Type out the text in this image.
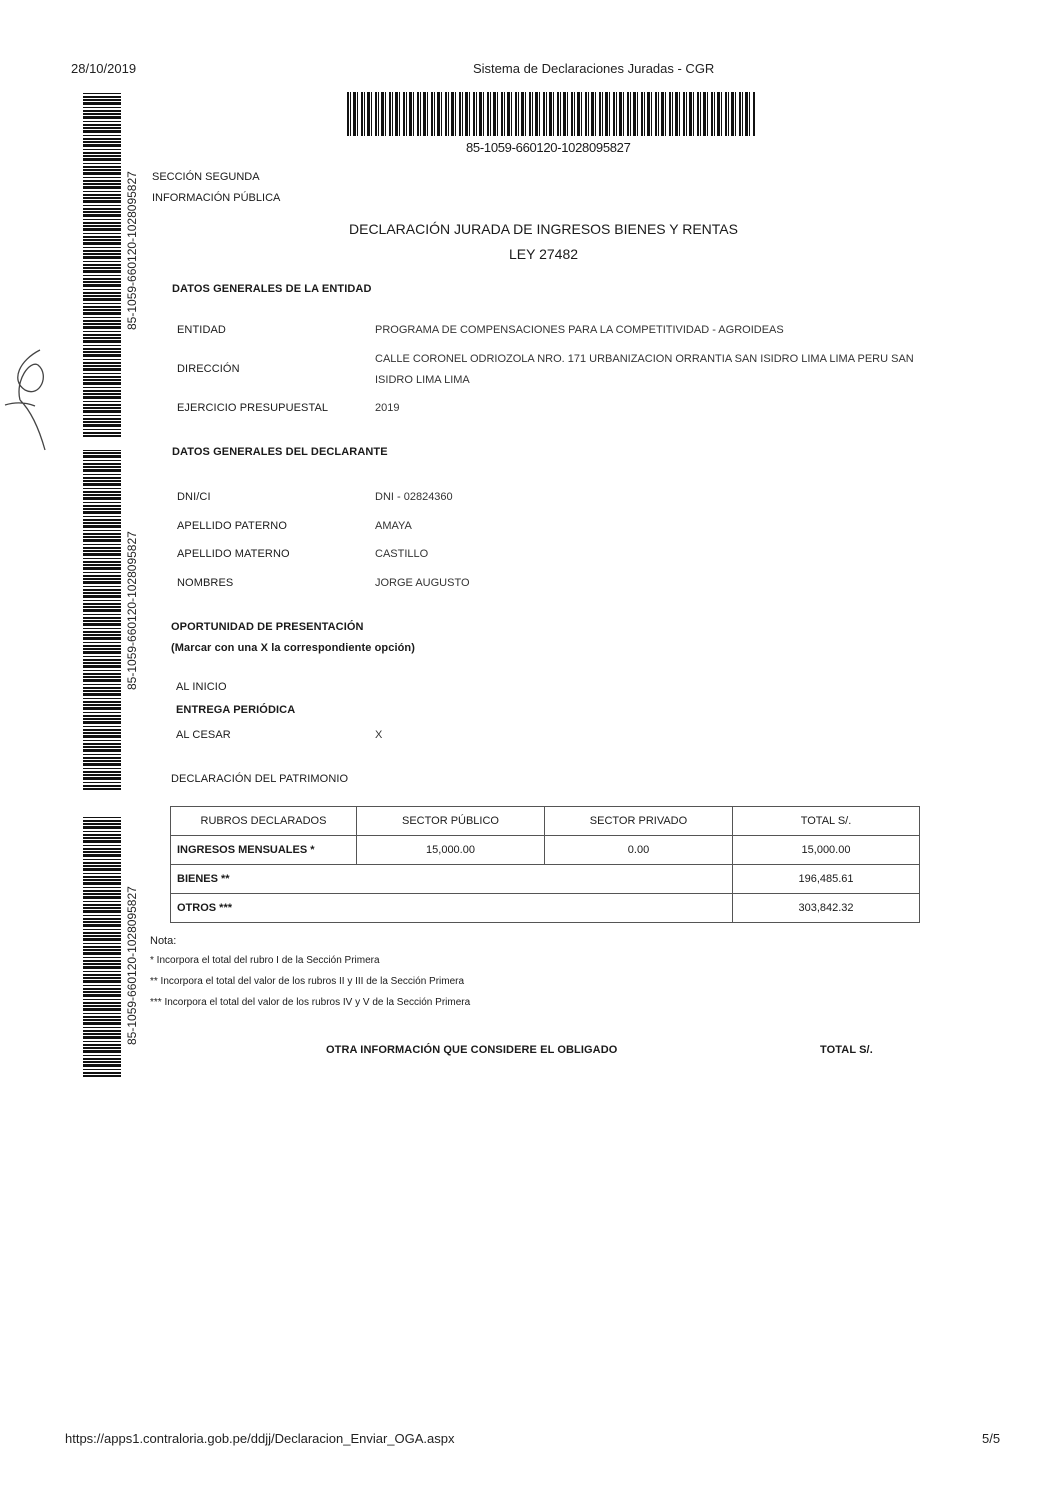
28/10/2019	Sistema de Declaraciones Juradas - CGR
85-1059-660120-1028095827
85-1059-660120-1028095827
85-1059-660120-1028095827
85-1059-660120-1028095827
SECCIÓN SEGUNDA
INFORMACIÓN PÚBLICA
DECLARACIÓN JURADA DE INGRESOS BIENES Y RENTAS
LEY 27482
DATOS GENERALES DE LA ENTIDAD
ENTIDAD	PROGRAMA DE COMPENSACIONES PARA LA COMPETITIVIDAD - AGROIDEAS
DIRECCIÓN
CALLE CORONEL ODRIOZOLA NRO. 171 URBANIZACION ORRANTIA SAN ISIDRO LIMA LIMA PERU SAN
ISIDRO LIMA LIMA
EJERCICIO PRESUPUESTAL	2019
DATOS GENERALES DEL DECLARANTE
DNI/CI	DNI - 02824360
APELLIDO PATERNO	AMAYA
APELLIDO MATERNO	CASTILLO
NOMBRES	JORGE AUGUSTO
OPORTUNIDAD DE PRESENTACIÓN
(Marcar con una X la correspondiente opción)
AL INICIO
ENTREGA PERIÓDICA
AL CESAR	X
DECLARACIÓN DEL PATRIMONIO
RUBROS DECLARADOS	SECTOR PÚBLICO	SECTOR PRIVADO	TOTAL S/.
INGRESOS MENSUALES *	15,000.00	0.00	15,000.00
BIENES **			196,485.61
OTROS ***			303,842.32
Nota:
* Incorpora el total del rubro I de la Sección Primera
** Incorpora el total del valor de los rubros II y III de la Sección Primera
*** Incorpora el total del valor de los rubros IV y V de la Sección Primera
OTRA INFORMACIÓN QUE CONSIDERE EL OBLIGADO	TOTAL S/.
https://apps1.contraloria.gob.pe/ddjj/Declaracion_Enviar_OGA.aspx	5/5
